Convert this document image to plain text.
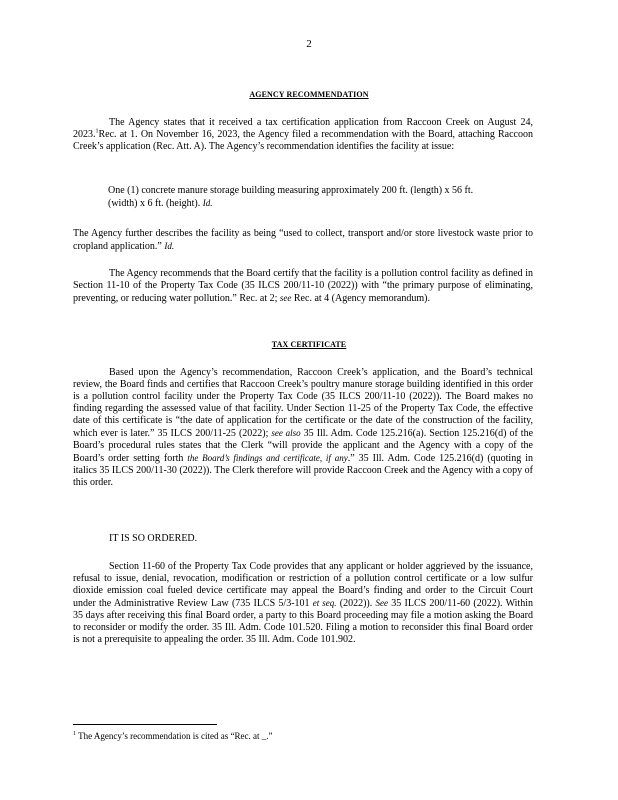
2
AGENCY RECOMMENDATION

The Agency states that it received a tax certification application from Raccoon Creek on August 24, 2023.$^1$Rec. at 1. On November 16, 2023, the Agency filed a recommendation with the Board, attaching Raccoon Creek’s application (Rec. Att. A). The Agency’s recommendation identifies the facility at issue:

One (1) concrete manure storage building measuring approximately 200 ft. (length) x 56 ft. (width) x 6 ft. (height). Id.

The Agency further describes the facility as being “used to collect, transport and/or store livestock waste prior to cropland application.” Id.

The Agency recommends that the Board certify that the facility is a pollution control facility as defined in Section 11-10 of the Property Tax Code (35 ILCS 200/11-10 (2022)) with “the primary purpose of eliminating, preventing, or reducing water pollution.” Rec. at 2; see Rec. at 4 (Agency memorandum).

TAX CERTIFICATE

Based upon the Agency’s recommendation, Raccoon Creek’s application, and the Board’s technical review, the Board finds and certifies that Raccoon Creek’s poultry manure storage building identified in this order is a pollution control facility under the Property Tax Code (35 ILCS 200/11-10 (2022)). The Board makes no finding regarding the assessed value of that facility. Under Section 11-25 of the Property Tax Code, the effective date of this certificate is “the date of application for the certificate or the date of the construction of the facility, which ever is later.” 35 ILCS 200/11-25 (2022); see also 35 Ill. Adm. Code 125.216(a). Section 125.216(d) of the Board’s procedural rules states that the Clerk “will provide the applicant and the Agency with a copy of the Board’s order setting forth the Board’s findings and certificate, if any.” 35 Ill. Adm. Code 125.216(d) (quoting in italics 35 ILCS 200/11-30 (2022)). The Clerk therefore will provide Raccoon Creek and the Agency with a copy of this order.

IT IS SO ORDERED.

Section 11-60 of the Property Tax Code provides that any applicant or holder aggrieved by the issuance, refusal to issue, denial, revocation, modification or restriction of a pollution control certificate or a low sulfur dioxide emission coal fueled device certificate may appeal the Board’s finding and order to the Circuit Court under the Administrative Review Law (735 ILCS 5/3-101 et seq. (2022)). See 35 ILCS 200/11-60 (2022). Within 35 days after receiving this final Board order, a party to this Board proceeding may file a motion asking the Board to reconsider or modify the order. 35 Ill. Adm. Code 101.520. Filing a motion to reconsider this final Board order is not a prerequisite to appealing the order. 35 Ill. Adm. Code 101.902.

$^1$ The Agency’s recommendation is cited as “Rec. at _.”
